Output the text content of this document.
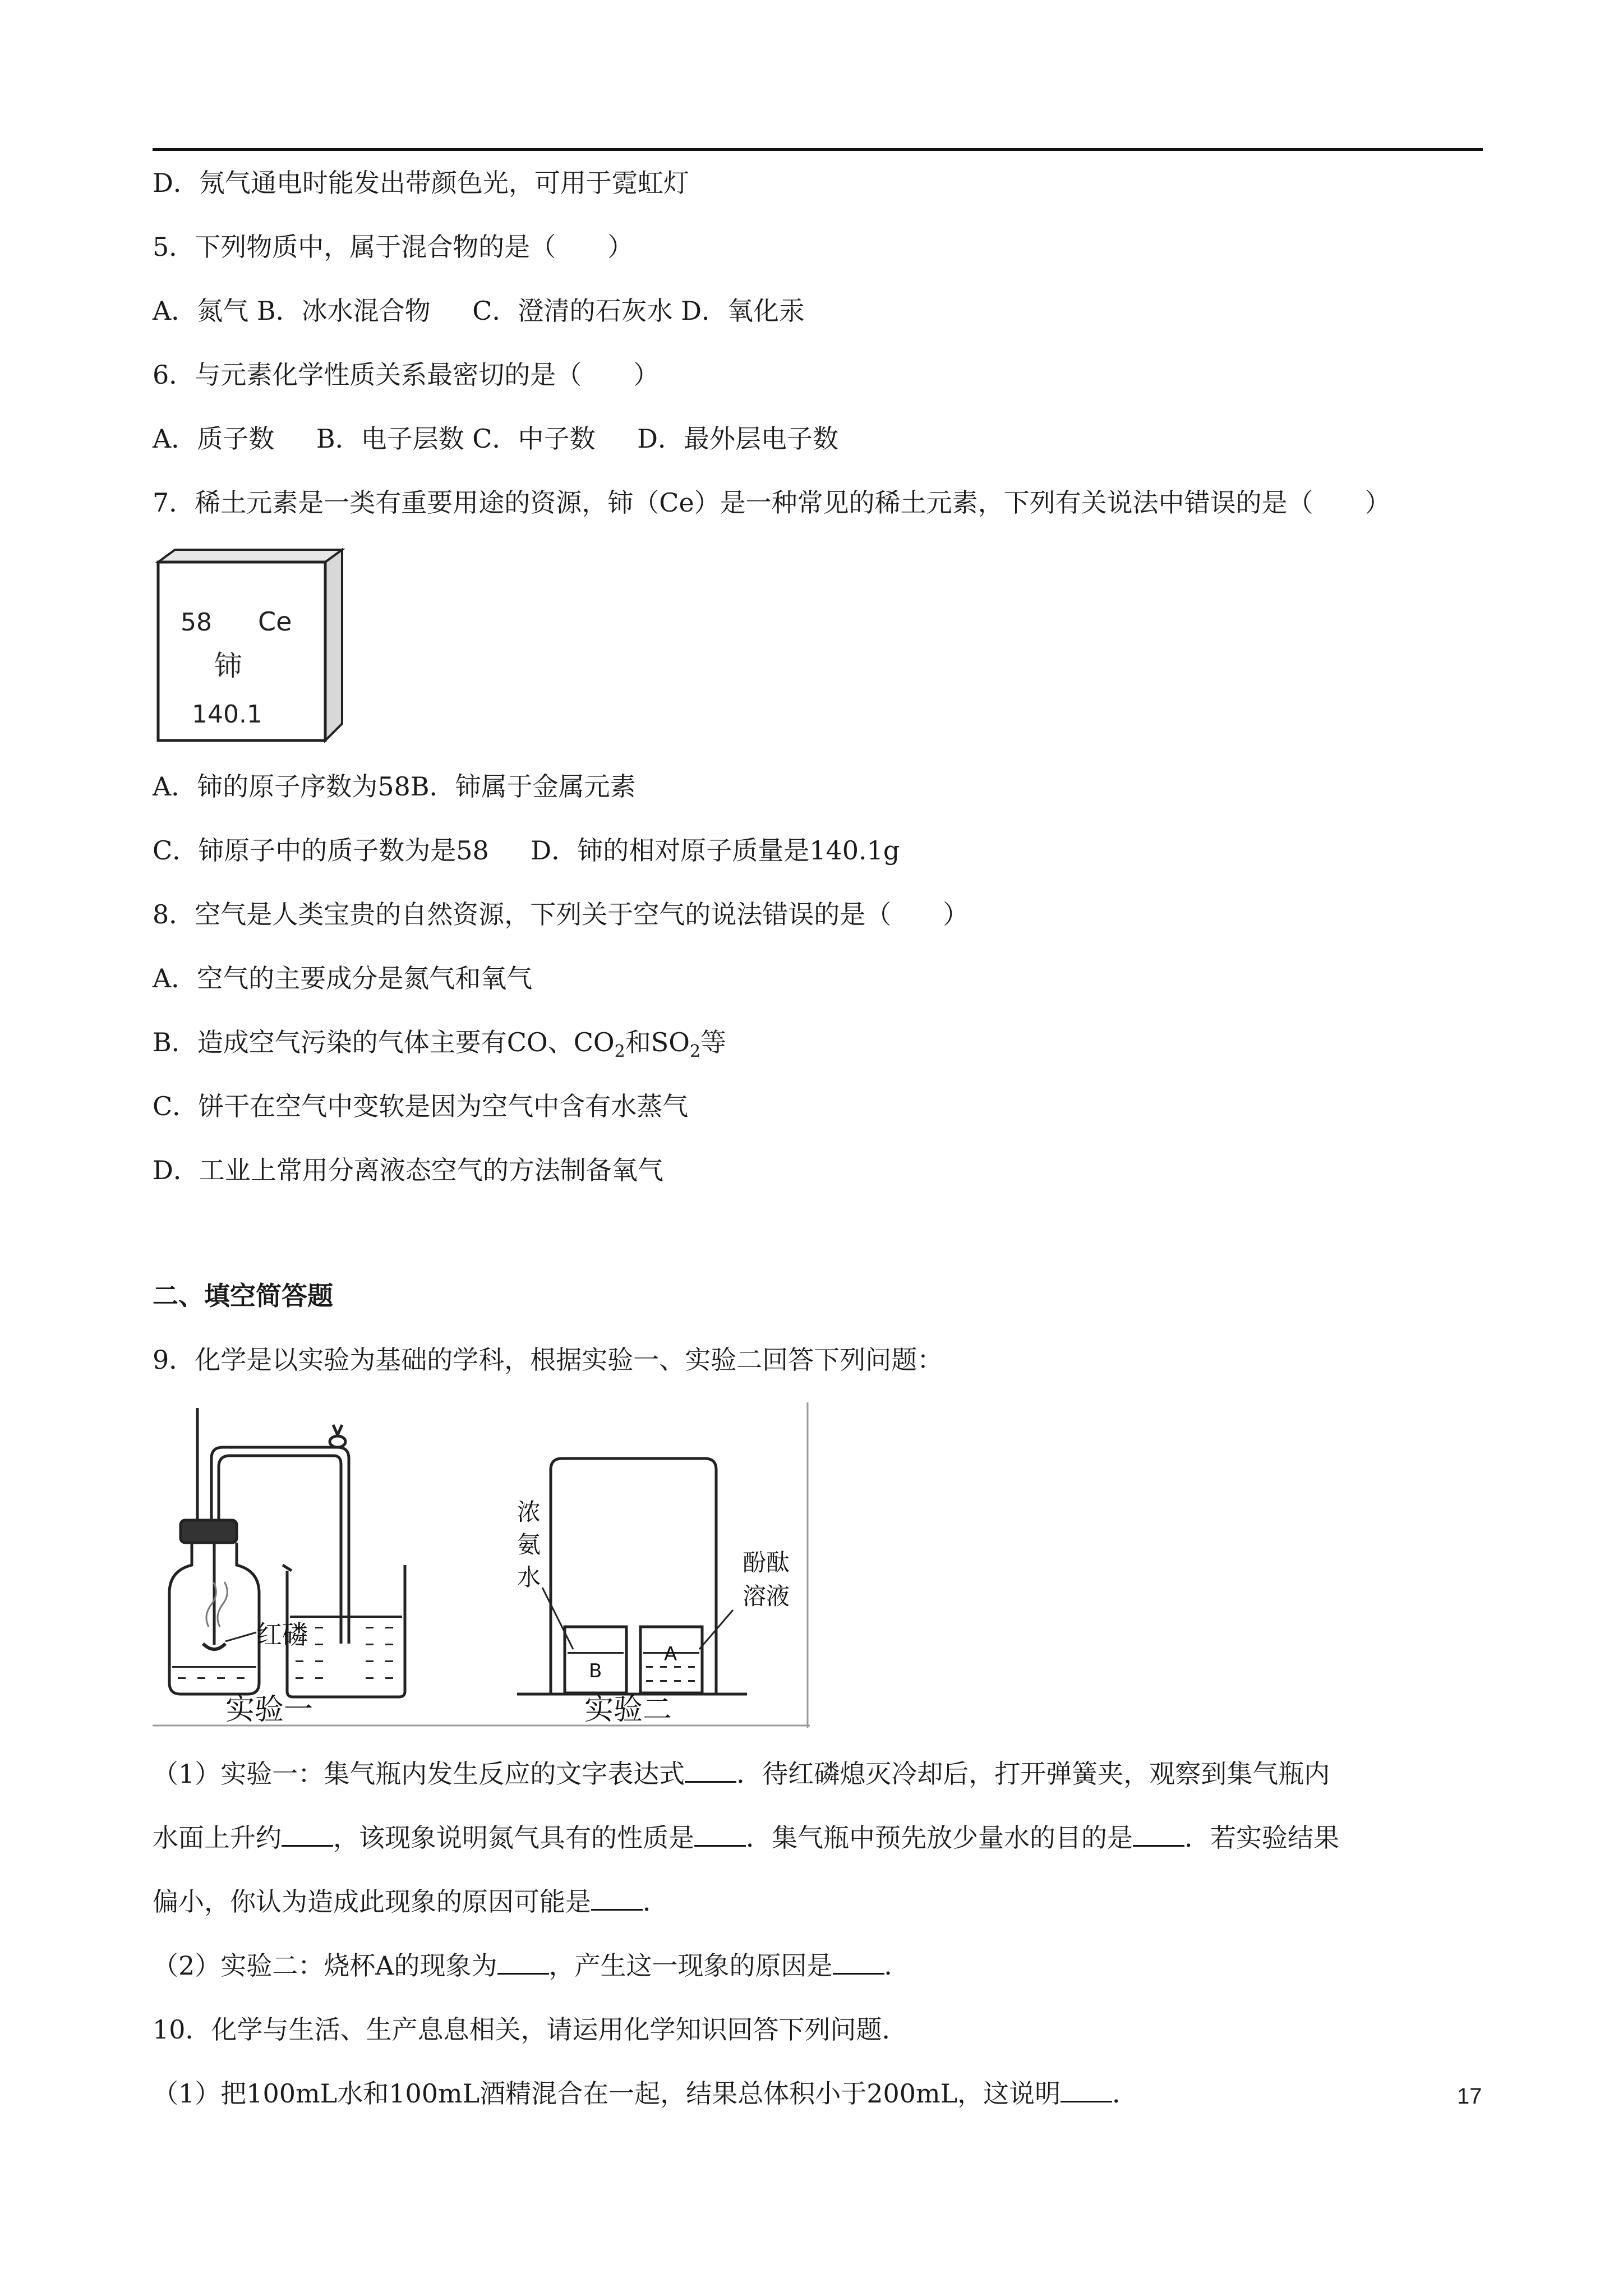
D．氖气通电时能发出带颜色光，可用于霓虹灯

5．下列物质中，属于混合物的是（　　）

A．氮气 B．冰水混合物 C．澄清的石灰水 D．氧化汞

6．与元素化学性质关系最密切的是（　　）

A．质子数 B．电子层数 C．中子数 D．最外层电子数

7．稀土元素是一类有重要用途的资源，铈（Ce）是一种常见的稀土元素，下列有关说法中错误的是（　　）

58 Ce
铈
140.1

A．铈的原子序数为58B．铈属于金属元素

C．铈原子中的质子数为是58 D．铈的相对原子质量是140.1g

8．空气是人类宝贵的自然资源，下列关于空气的说法错误的是（　　）

A．空气的主要成分是氮气和氧气

B．造成空气污染的气体主要有CO、$CO_2$和$SO_2$等

C．饼干在空气中变软是因为空气中含有水蒸气

D．工业上常用分离液态空气的方法制备氧气

二、填空简答题

9．化学是以实验为基础的学科，根据实验一、实验二回答下列问题：

红磷
实验一
B
A
浓
氨
水
酚酞
溶液
实验二

（1）实验一：集气瓶内发生反应的文字表达式 ．待红磷熄灭冷却后，打开弹簧夹，观察到集气瓶内

水面上升约 ，该现象说明氮气具有的性质是 ．集气瓶中预先放少量水的目的是 ．若实验结果

偏小，你认为造成此现象的原因可能是 ．

（2）实验二：烧杯A的现象为 ，产生这一现象的原因是 ．

10．化学与生活、生产息息相关，请运用化学知识回答下列问题．

（1）把100mL水和100mL酒精混合在一起，结果总体积小于200mL，这说明 ．	17
